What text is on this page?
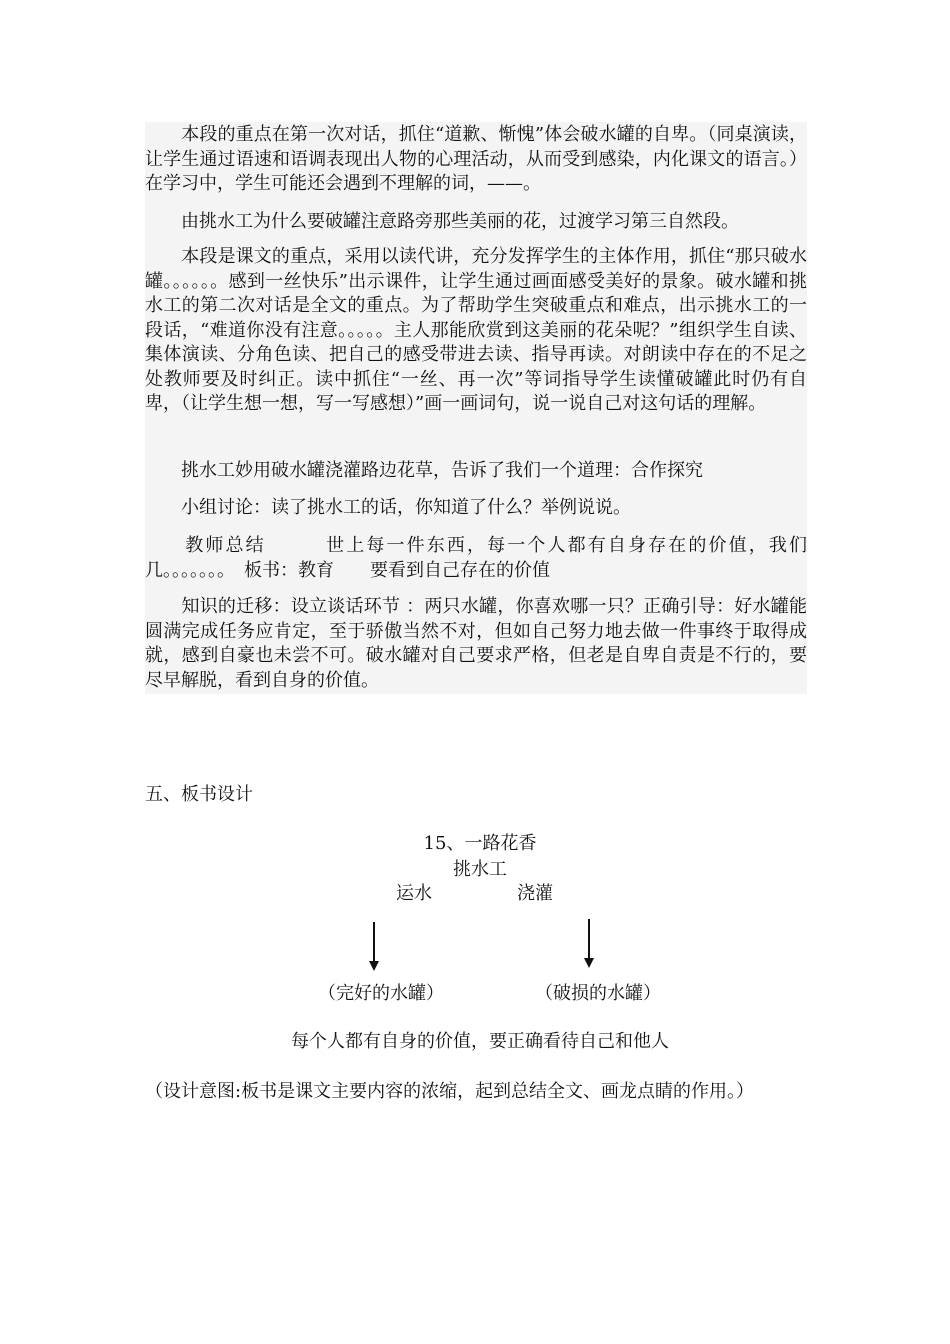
　　本段的重点在第一次对话，抓住“道歉、惭愧”体会破水罐的自卑。（同桌演读，让学生通过语速和语调表现出人物的心理活动，从而受到感染，内化课文的语言。）在学习中，学生可能还会遇到不理解的词，——。

　　由挑水工为什么要破罐注意路旁那些美丽的花，过渡学习第三自然段。

　　本段是课文的重点，采用以读代讲，充分发挥学生的主体作用，抓住“那只破水罐。。。。。。感到一丝快乐”出示课件，让学生通过画面感受美好的景象。破水罐和挑水工的第二次对话是全文的重点。为了帮助学生突破重点和难点，出示挑水工的一段话，“难道你没有注意。。。。。主人那能欣赏到这美丽的花朵呢？”组织学生自读、集体演读、分角色读、把自己的感受带进去读、指导再读。对朗读中存在的不足之处教师要及时纠正。读中抓住“一丝、再一次”等词指导学生读懂破罐此时仍有自卑，（让学生想一想，写一写感想）”画一画词句，说一说自己对这句话的理解。

　　挑水工妙用破水罐浇灌路边花草，告诉了我们一个道理：合作探究

　　小组讨论：读了挑水工的话，你知道了什么？举例说说。

　　教师总结　　　世上每一件东西，每一个人都有自身存在的价值，我们几。。。。。。。　板书：教育　　要看到自己存在的价值

　　知识的迁移：设立谈话环节 ：两只水罐，你喜欢哪一只？正确引导：好水罐能圆满完成任务应肯定，至于骄傲当然不对，但如自己努力地去做一件事终于取得成就，感到自豪也未尝不可。破水罐对自己要求严格，但老是自卑自责是不行的，要尽早解脱，看到自身的价值。

五、板书设计
15、一路花香
挑水工
运水	浇灌
（完好的水罐）	（破损的水罐）
每个人都有自身的价值，要正确看待自己和他人
（设计意图:板书是课文主要内容的浓缩，起到总结全文、画龙点睛的作用。）
